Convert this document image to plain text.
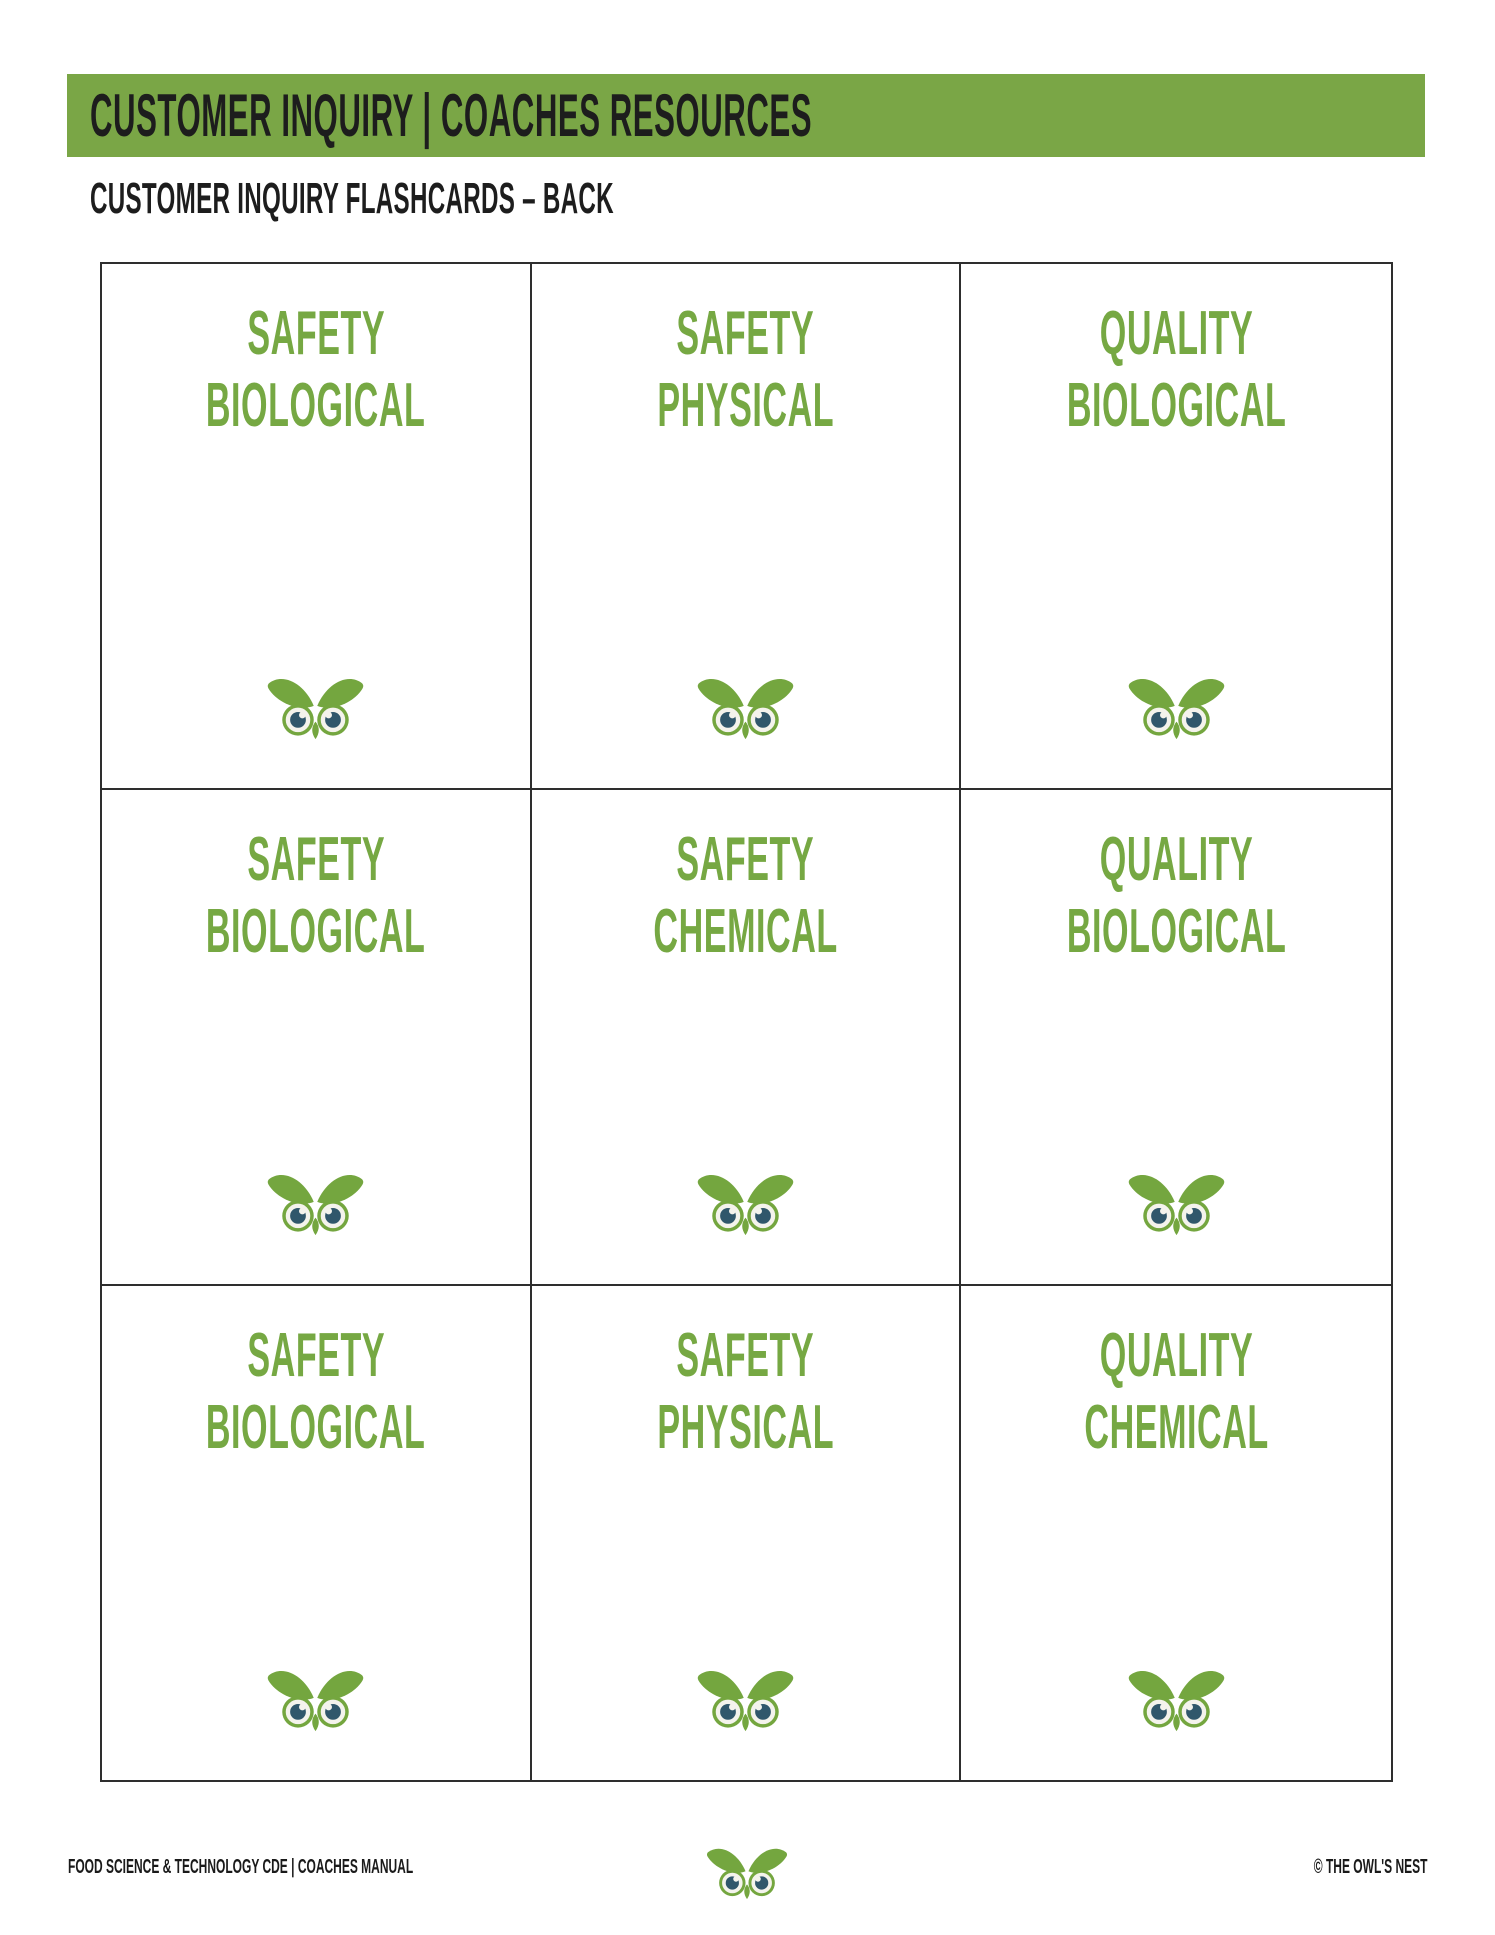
CUSTOMER INQUIRY | COACHES RESOURCES
CUSTOMER INQUIRY FLASHCARDS – BACK
SAFETY
BIOLOGICAL
SAFETY
PHYSICAL
QUALITY
BIOLOGICAL
SAFETY
BIOLOGICAL
SAFETY
CHEMICAL
QUALITY
BIOLOGICAL
SAFETY
BIOLOGICAL
SAFETY
PHYSICAL
QUALITY
CHEMICAL
FOOD SCIENCE & TECHNOLOGY CDE | COACHES MANUAL	© THE OWL'S NEST
